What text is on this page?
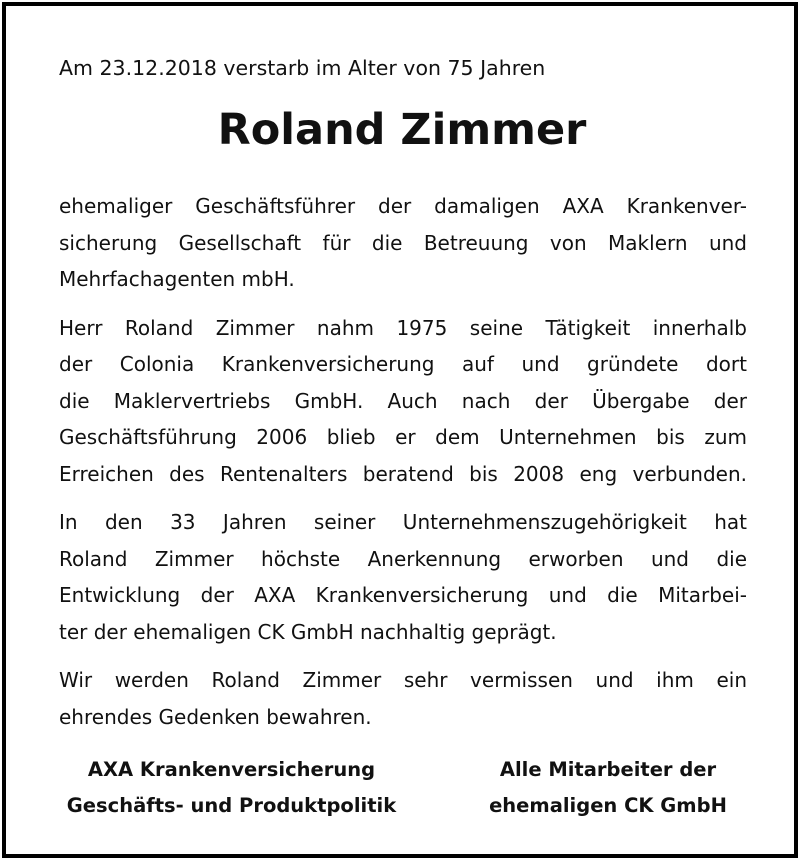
Am 23.12.2018 verstarb im Alter von 75 Jahren
Roland Zimmer

ehemaliger Geschäftsführer der damaligen AXA Krankenver-
sicherung Gesellschaft für die Betreuung von Maklern und
Mehrfachagenten mbH.

Herr Roland Zimmer nahm 1975 seine Tätigkeit innerhalb
der Colonia Krankenversicherung auf und gründete dort
die Maklervertriebs GmbH. Auch nach der Übergabe der
Geschäftsführung 2006 blieb er dem Unternehmen bis zum
Erreichen des Rentenalters beratend bis 2008 eng verbunden.

In den 33 Jahren seiner Unternehmenszugehörigkeit hat
Roland Zimmer höchste Anerkennung erworben und die
Entwicklung der AXA Krankenversicherung und die Mitarbei-
ter der ehemaligen CK GmbH nachhaltig geprägt.

Wir werden Roland Zimmer sehr vermissen und ihm ein
ehrendes Gedenken bewahren.

AXA Krankenversicherung
Geschäfts- und Produktpolitik
Alle Mitarbeiter der
ehemaligen CK GmbH
